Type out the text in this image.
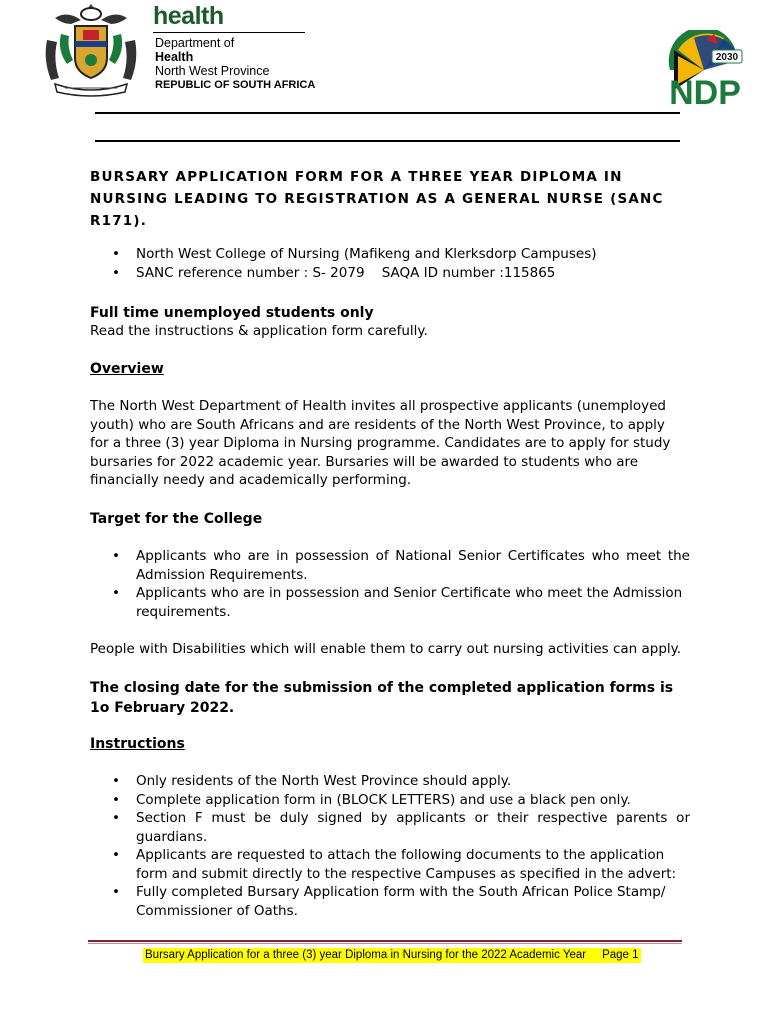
health
Department of
Health
North West Province
REPUBLIC OF SOUTH AFRICA
2030
NDP
BURSARY APPLICATION FORM FOR A THREE YEAR DIPLOMA IN NURSING LEADING TO REGISTRATION AS A GENERAL NURSE (SANC R171).
• North West College of Nursing (Mafikeng and Klerksdorp Campuses)
• SANC reference number : S- 2079    SAQA ID number :115865
Full time unemployed students only
Read the instructions & application form carefully.
Overview
The North West Department of Health invites all prospective applicants (unemployed youth) who are South Africans and are residents of the North West Province, to apply for a three (3) year Diploma in Nursing programme. Candidates are to apply for study bursaries for 2022 academic year. Bursaries will be awarded to students who are financially needy and academically performing.
Target for the College
• Applicants who are in possession of National Senior Certificates who meet the Admission Requirements.
• Applicants who are in possession and Senior Certificate who meet the Admission requirements.
People with Disabilities which will enable them to carry out nursing activities can apply.
The closing date for the submission of the completed application forms is 1o February 2022.
Instructions
• Only residents of the North West Province should apply.
• Complete application form in (BLOCK LETTERS) and use a black pen only.
• Section F must be duly signed by applicants or their respective parents or guardians.
• Applicants are requested to attach the following documents to the application form and submit directly to the respective Campuses as specified in the advert:
• Fully completed Bursary Application form with the South African Police Stamp/ Commissioner of Oaths.
Bursary Application for a three (3) year Diploma in Nursing for the 2022 Academic Year Page 1
